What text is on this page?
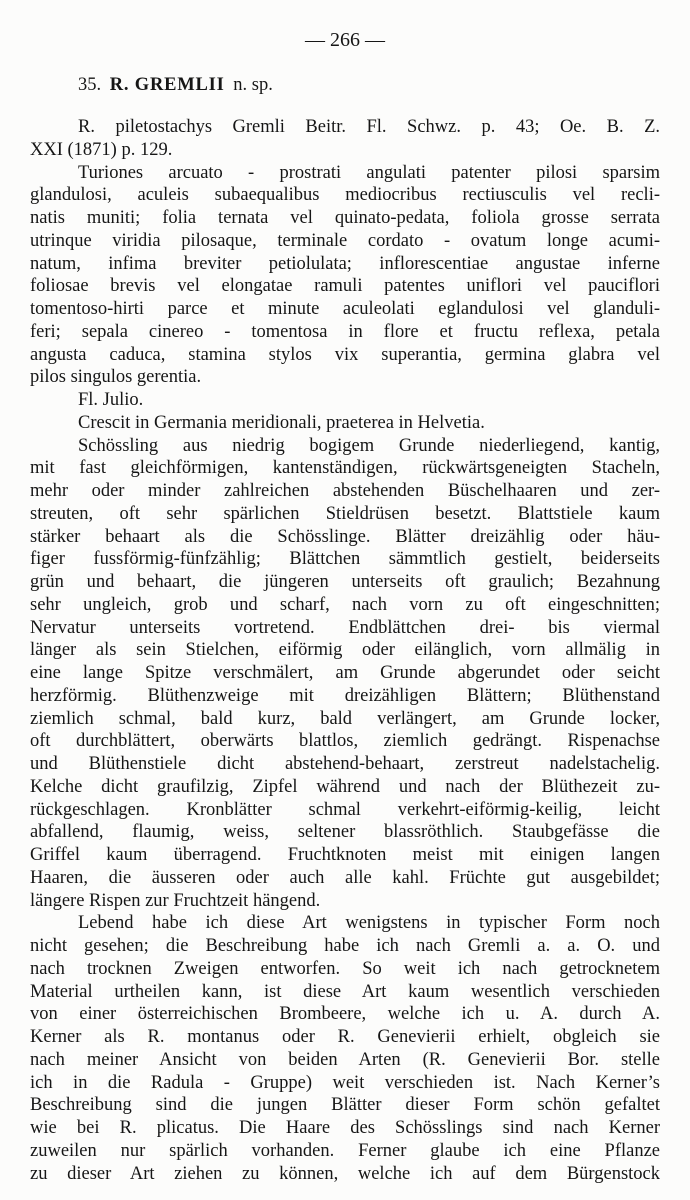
— 266 —
35. R. GREMLII n. sp.
R. piletostachys Gremli Beitr. Fl. Schwz. p. 43; Oe. B. Z.
XXI (1871) p. 129.
Turiones arcuato - prostrati angulati patenter pilosi sparsim
glandulosi, aculeis subaequalibus mediocribus rectiusculis vel recli-
natis muniti; folia ternata vel quinato-pedata, foliola grosse serrata
utrinque viridia pilosaque, terminale cordato - ovatum longe acumi-
natum, infima breviter petiolulata; inflorescentiae angustae inferne
foliosae brevis vel elongatae ramuli patentes uniflori vel pauciflori
tomentoso-hirti parce et minute aculeolati eglandulosi vel glanduli-
feri; sepala cinereo - tomentosa in flore et fructu reflexa, petala
angusta caduca, stamina stylos vix superantia, germina glabra vel
pilos singulos gerentia.
Fl. Julio.
Crescit in Germania meridionali, praeterea in Helvetia.
Schössling aus niedrig bogigem Grunde niederliegend, kantig,
mit fast gleichförmigen, kantenständigen, rückwärtsgeneigten Stacheln,
mehr oder minder zahlreichen abstehenden Büschelhaaren und zer-
streuten, oft sehr spärlichen Stieldrüsen besetzt. Blattstiele kaum
stärker behaart als die Schösslinge. Blätter dreizählig oder häu-
figer fussförmig-fünfzählig; Blättchen sämmtlich gestielt, beiderseits
grün und behaart, die jüngeren unterseits oft graulich; Bezahnung
sehr ungleich, grob und scharf, nach vorn zu oft eingeschnitten;
Nervatur unterseits vortretend. Endblättchen drei- bis viermal
länger als sein Stielchen, eiförmig oder eilänglich, vorn allmälig in
eine lange Spitze verschmälert, am Grunde abgerundet oder seicht
herzförmig. Blüthenzweige mit dreizähligen Blättern; Blüthenstand
ziemlich schmal, bald kurz, bald verlängert, am Grunde locker,
oft durchblättert, oberwärts blattlos, ziemlich gedrängt. Rispenachse
und Blüthenstiele dicht abstehend-behaart, zerstreut nadelstachelig.
Kelche dicht graufilzig, Zipfel während und nach der Blüthezeit zu-
rückgeschlagen. Kronblätter schmal verkehrt-eiförmig-keilig, leicht
abfallend, flaumig, weiss, seltener blassröthlich. Staubgefässe die
Griffel kaum überragend. Fruchtknoten meist mit einigen langen
Haaren, die äusseren oder auch alle kahl. Früchte gut ausgebildet;
längere Rispen zur Fruchtzeit hängend.
Lebend habe ich diese Art wenigstens in typischer Form noch
nicht gesehen; die Beschreibung habe ich nach Gremli a. a. O. und
nach trocknen Zweigen entworfen. So weit ich nach getrocknetem
Material urtheilen kann, ist diese Art kaum wesentlich verschieden
von einer österreichischen Brombeere, welche ich u. A. durch A.
Kerner als R. montanus oder R. Genevierii erhielt, obgleich sie
nach meiner Ansicht von beiden Arten (R. Genevierii Bor. stelle
ich in die Radula - Gruppe) weit verschieden ist. Nach Kerner’s
Beschreibung sind die jungen Blätter dieser Form schön gefaltet
wie bei R. plicatus. Die Haare des Schösslings sind nach Kerner
zuweilen nur spärlich vorhanden. Ferner glaube ich eine Pflanze
zu dieser Art ziehen zu können, welche ich auf dem Bürgenstock
